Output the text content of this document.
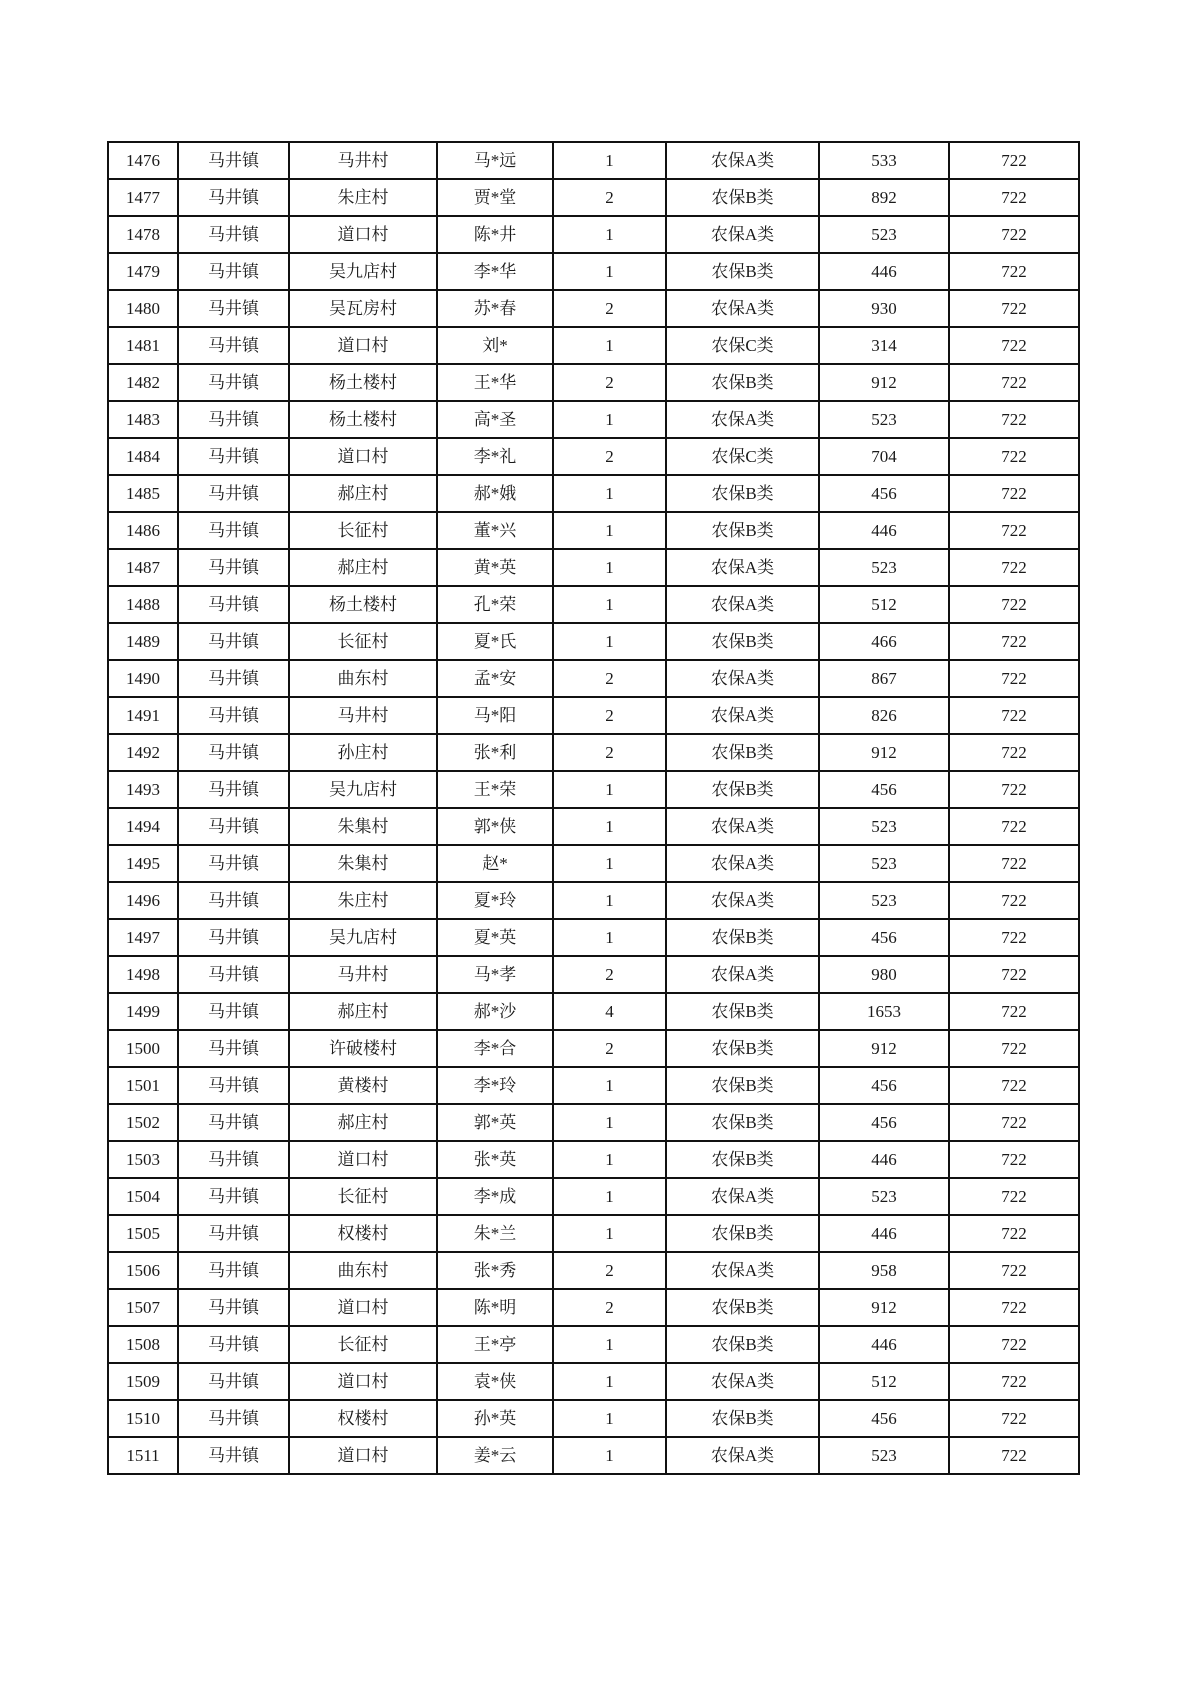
1476	马井镇	马井村	马*远	1	农保A类	533	722
1477	马井镇	朱庄村	贾*堂	2	农保B类	892	722
1478	马井镇	道口村	陈*井	1	农保A类	523	722
1479	马井镇	吴九店村	李*华	1	农保B类	446	722
1480	马井镇	吴瓦房村	苏*春	2	农保A类	930	722
1481	马井镇	道口村	刘*	1	农保C类	314	722
1482	马井镇	杨土楼村	王*华	2	农保B类	912	722
1483	马井镇	杨土楼村	高*圣	1	农保A类	523	722
1484	马井镇	道口村	李*礼	2	农保C类	704	722
1485	马井镇	郝庄村	郝*娥	1	农保B类	456	722
1486	马井镇	长征村	董*兴	1	农保B类	446	722
1487	马井镇	郝庄村	黄*英	1	农保A类	523	722
1488	马井镇	杨土楼村	孔*荣	1	农保A类	512	722
1489	马井镇	长征村	夏*氏	1	农保B类	466	722
1490	马井镇	曲东村	孟*安	2	农保A类	867	722
1491	马井镇	马井村	马*阳	2	农保A类	826	722
1492	马井镇	孙庄村	张*利	2	农保B类	912	722
1493	马井镇	吴九店村	王*荣	1	农保B类	456	722
1494	马井镇	朱集村	郭*侠	1	农保A类	523	722
1495	马井镇	朱集村	赵*	1	农保A类	523	722
1496	马井镇	朱庄村	夏*玲	1	农保A类	523	722
1497	马井镇	吴九店村	夏*英	1	农保B类	456	722
1498	马井镇	马井村	马*孝	2	农保A类	980	722
1499	马井镇	郝庄村	郝*沙	4	农保B类	1653	722
1500	马井镇	许破楼村	李*合	2	农保B类	912	722
1501	马井镇	黄楼村	李*玲	1	农保B类	456	722
1502	马井镇	郝庄村	郭*英	1	农保B类	456	722
1503	马井镇	道口村	张*英	1	农保B类	446	722
1504	马井镇	长征村	李*成	1	农保A类	523	722
1505	马井镇	权楼村	朱*兰	1	农保B类	446	722
1506	马井镇	曲东村	张*秀	2	农保A类	958	722
1507	马井镇	道口村	陈*明	2	农保B类	912	722
1508	马井镇	长征村	王*亭	1	农保B类	446	722
1509	马井镇	道口村	袁*侠	1	农保A类	512	722
1510	马井镇	权楼村	孙*英	1	农保B类	456	722
1511	马井镇	道口村	姜*云	1	农保A类	523	722
